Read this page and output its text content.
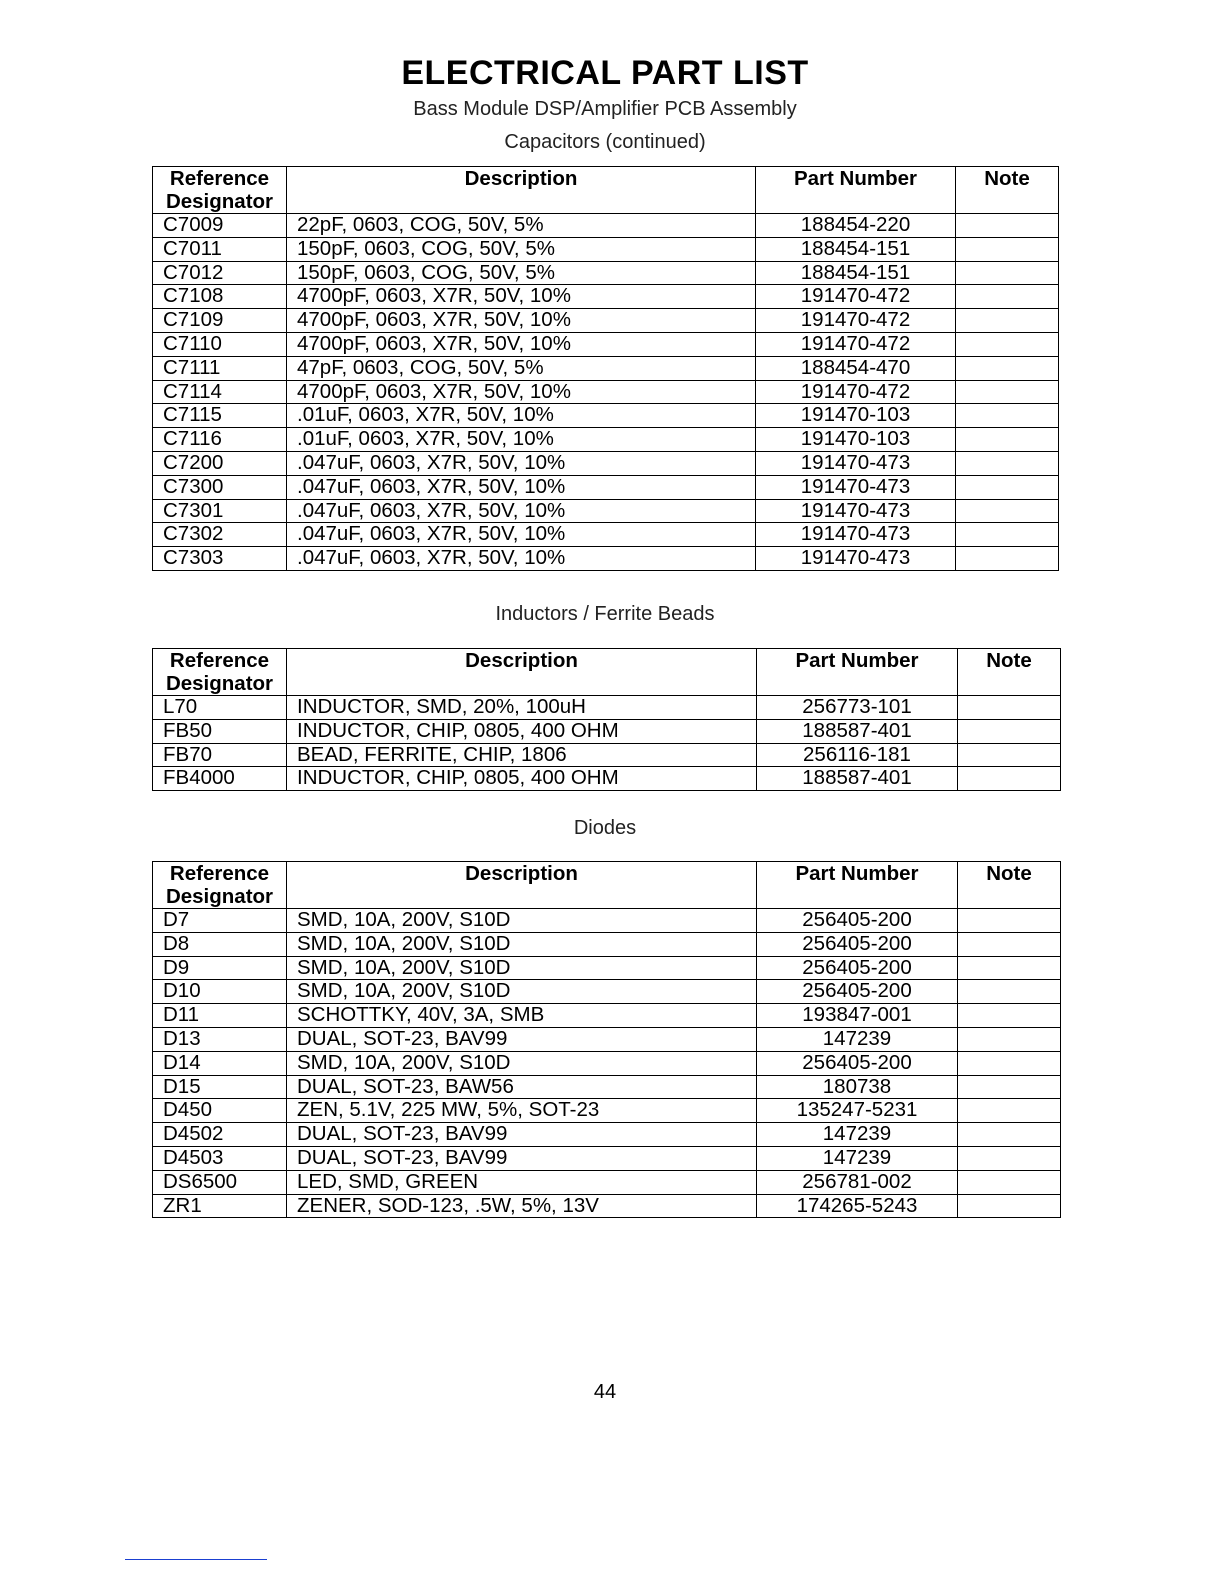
ELECTRICAL PART LIST
Bass Module DSP/Amplifier PCB Assembly
Capacitors (continued)
Reference
Designator	Description	Part Number	Note
C7009	22pF, 0603, COG, 50V, 5%	188454-220	
C7011	150pF, 0603, COG, 50V, 5%	188454-151	
C7012	150pF, 0603, COG, 50V, 5%	188454-151	
C7108	4700pF, 0603, X7R, 50V, 10%	191470-472	
C7109	4700pF, 0603, X7R, 50V, 10%	191470-472	
C7110	4700pF, 0603, X7R, 50V, 10%	191470-472	
C7111	47pF, 0603, COG, 50V, 5%	188454-470	
C7114	4700pF, 0603, X7R, 50V, 10%	191470-472	
C7115	.01uF, 0603, X7R, 50V, 10%	191470-103	
C7116	.01uF, 0603, X7R, 50V, 10%	191470-103	
C7200	.047uF, 0603, X7R, 50V, 10%	191470-473	
C7300	.047uF, 0603, X7R, 50V, 10%	191470-473	
C7301	.047uF, 0603, X7R, 50V, 10%	191470-473	
C7302	.047uF, 0603, X7R, 50V, 10%	191470-473	
C7303	.047uF, 0603, X7R, 50V, 10%	191470-473	
Inductors / Ferrite Beads
Reference
Designator	Description	Part Number	Note
L70	INDUCTOR, SMD, 20%, 100uH	256773-101	
FB50	INDUCTOR, CHIP, 0805, 400 OHM	188587-401	
FB70	BEAD, FERRITE, CHIP, 1806	256116-181	
FB4000	INDUCTOR, CHIP, 0805, 400 OHM	188587-401	
Diodes
Reference
Designator	Description	Part Number	Note
D7	SMD, 10A, 200V, S10D	256405-200	
D8	SMD, 10A, 200V, S10D	256405-200	
D9	SMD, 10A, 200V, S10D	256405-200	
D10	SMD, 10A, 200V, S10D	256405-200	
D11	SCHOTTKY, 40V, 3A, SMB	193847-001	
D13	DUAL, SOT-23, BAV99	147239	
D14	SMD, 10A, 200V, S10D	256405-200	
D15	DUAL, SOT-23, BAW56	180738	
D450	ZEN, 5.1V, 225 MW, 5%, SOT-23	135247-5231	
D4502	DUAL, SOT-23, BAV99	147239	
D4503	DUAL, SOT-23, BAV99	147239	
DS6500	LED, SMD, GREEN	256781-002	
ZR1	ZENER, SOD-123, .5W, 5%, 13V	174265-5243	
44
